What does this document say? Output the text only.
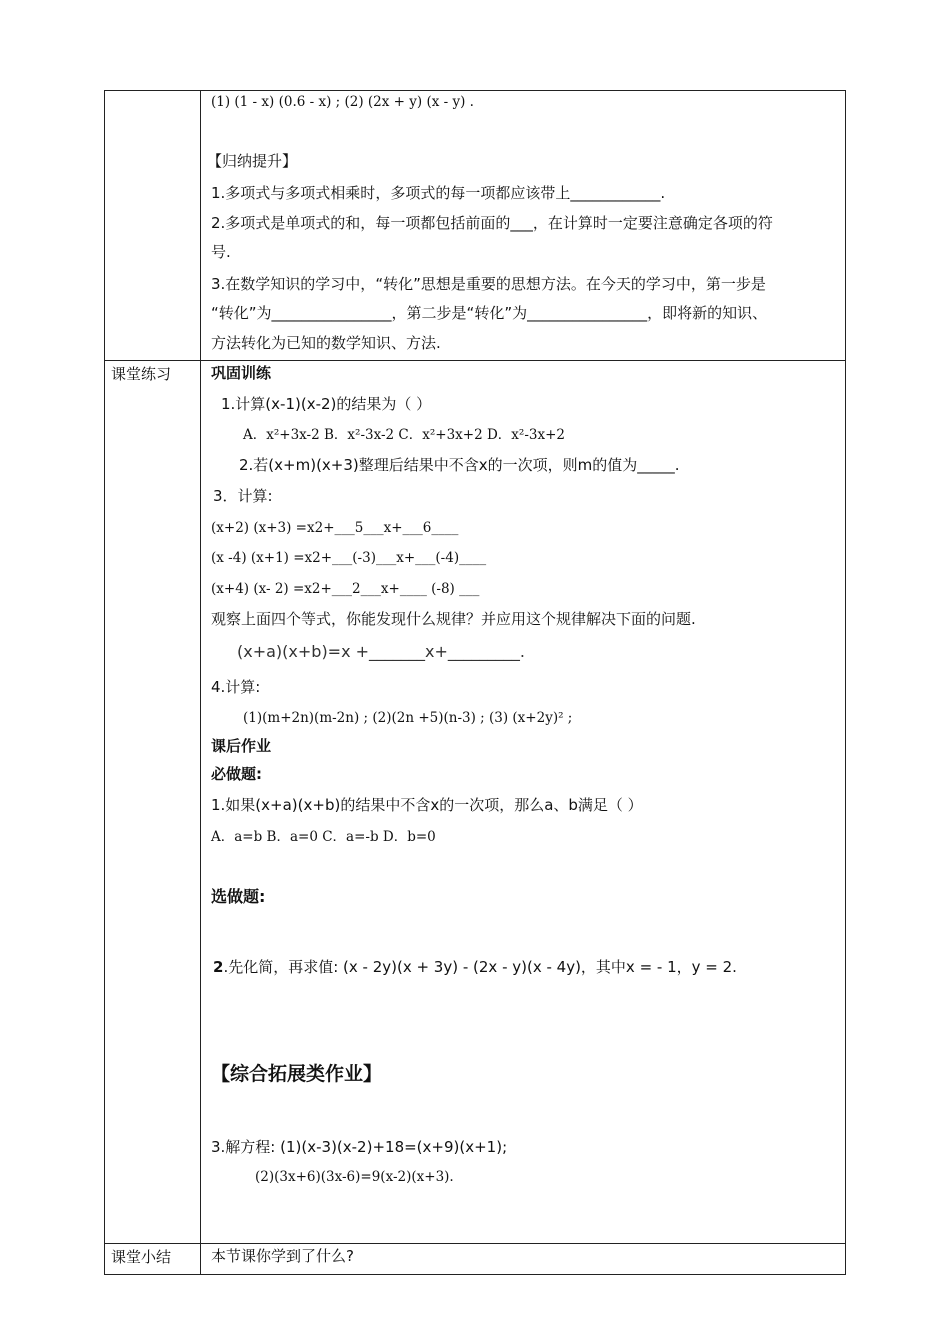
(1) (1 - x) (0.6 - x) ; (2) (2x + y) (x - y) .
【归纳提升】
1.多项式与多项式相乘时，多项式的每一项都应该带上____________.
2.多项式是单项式的和，每一项都包括前面的___，在计算时一定要注意确定各项的符
号.
3.在数学知识的学习中，“转化”思想是重要的思想方法。在今天的学习中，第一步是
“转化”为________________，第二步是“转化”为________________，即将新的知识、
方法转化为已知的数学知识、方法.
课堂练习	巩固训练
1.计算(x-1)(x-2)的结果为（ ）
A．x²+3x-2 B．x²-3x-2 C．x²+3x+2 D．x²-3x+2
2.若(x+m)(x+3)整理后结果中不含x的一次项，则m的值为_____.
3．计算:
(x+2) (x+3) =x2+___5___x+___6____
(x -4) (x+1) =x2+___(-3)___x+___(-4)____
(x+4) (x- 2) =x2+___2___x+____ (-8) ___
观察上面四个等式，你能发现什么规律？并应用这个规律解决下面的问题.
(x+a)(x+b)=x +_______x+_________.
4.计算:
(1)(m+2n)(m-2n) ; (2)(2n +5)(n-3) ; (3) (x+2y)² ;
课后作业
必做题:
1.如果(x+a)(x+b)的结果中不含x的一次项，那么a、b满足（ ）
A．a=b B．a=0 C．a=-b D．b=0
选做题:
2.先化简，再求值: (x - 2y)(x + 3y) - (2x - y)(x - 4y)，其中x = - 1，y = 2.
【综合拓展类作业】
3.解方程: (1)(x-3)(x-2)+18=(x+9)(x+1);
(2)(3x+6)(3x-6)=9(x-2)(x+3).
课堂小结	本节课你学到了什么?
